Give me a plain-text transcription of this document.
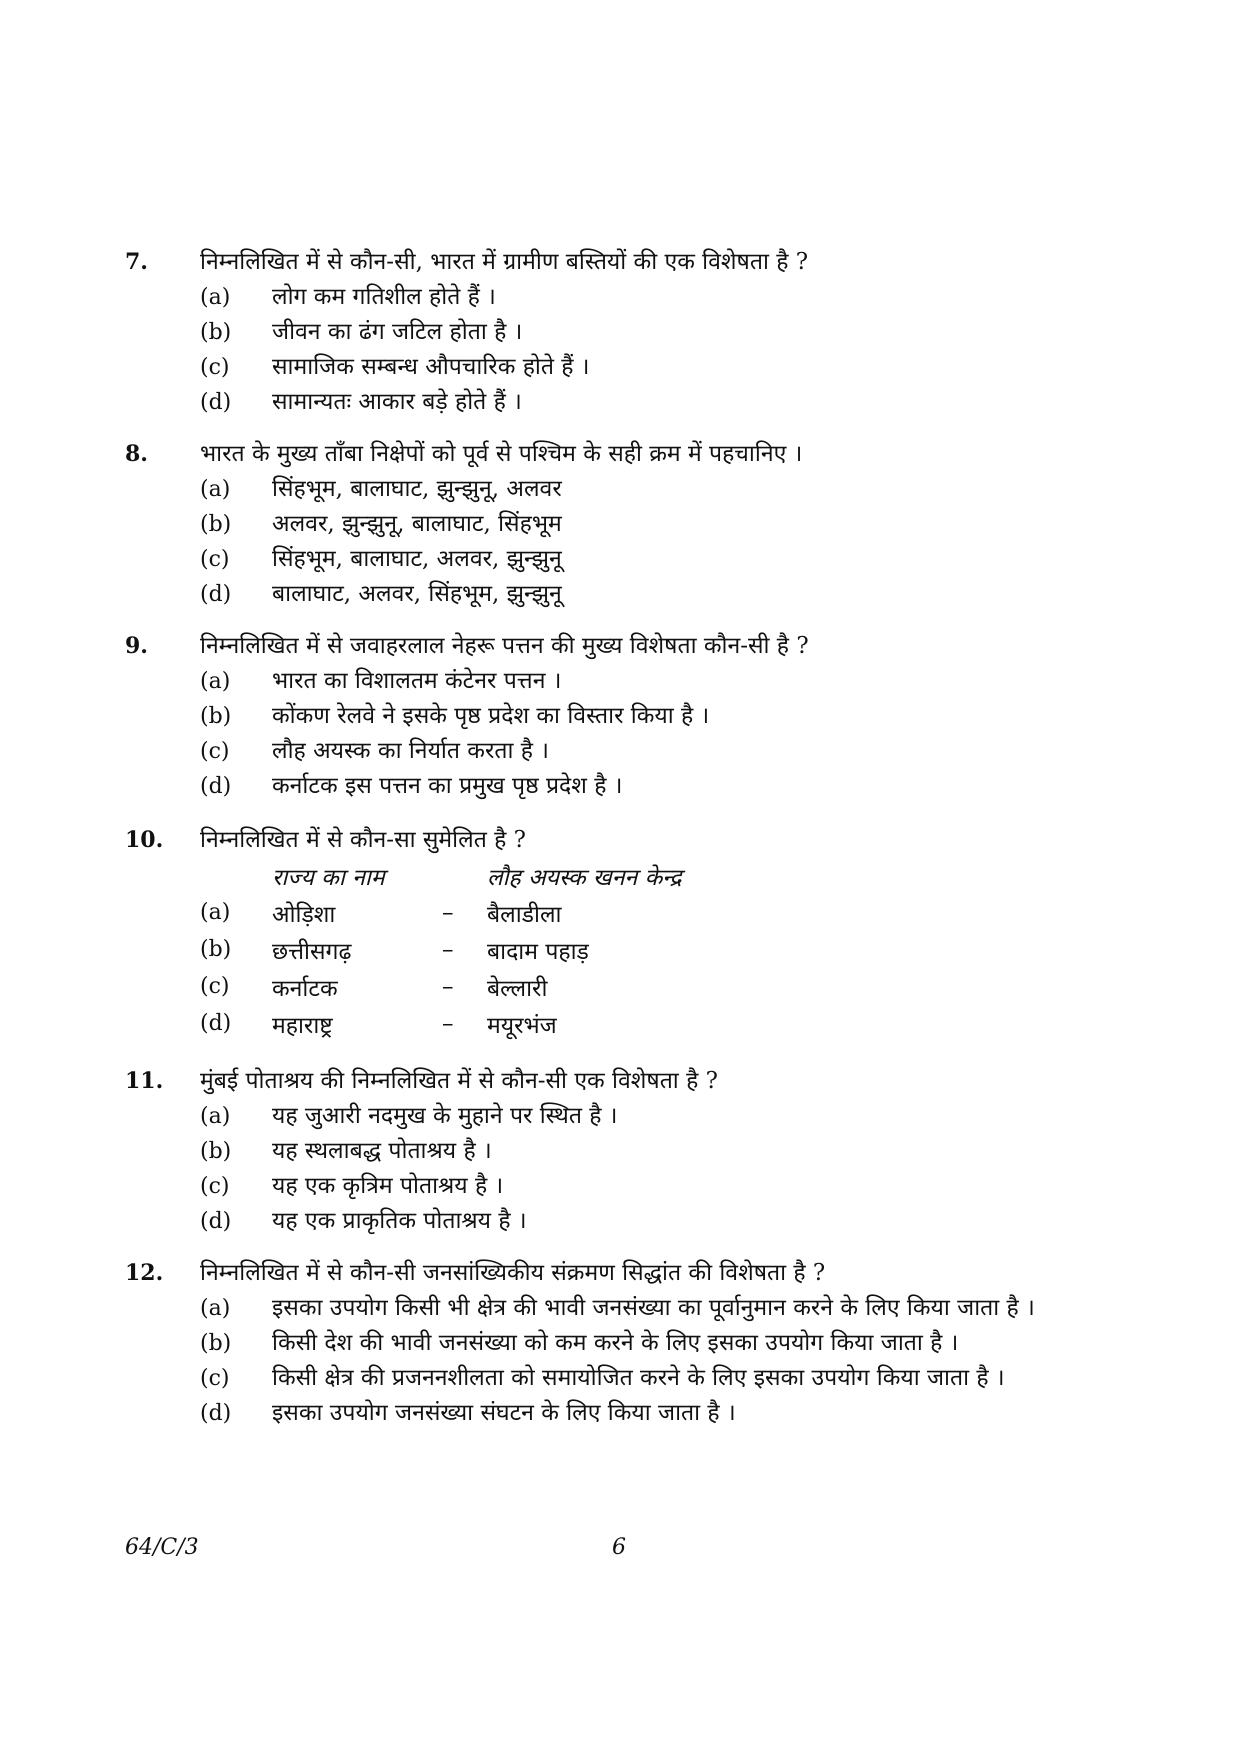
7.	निम्नलिखित में से कौन-सी, भारत में ग्रामीण बस्तियों की एक विशेषता है ?
(a)	लोग कम गतिशील होते हैं ।
(b)	जीवन का ढंग जटिल होता है ।
(c)	सामाजिक सम्बन्ध औपचारिक होते हैं ।
(d)	सामान्यतः आकार बड़े होते हैं ।
8.	भारत के मुख्य ताँबा निक्षेपों को पूर्व से पश्चिम के सही क्रम में पहचानिए ।
(a)	सिंहभूम, बालाघाट, झुन्झुनू, अलवर
(b)	अलवर, झुन्झुनू, बालाघाट, सिंहभूम
(c)	सिंहभूम, बालाघाट, अलवर, झुन्झुनू
(d)	बालाघाट, अलवर, सिंहभूम, झुन्झुनू
9.	निम्नलिखित में से जवाहरलाल नेहरू पत्तन की मुख्य विशेषता कौन-सी है ?
(a)	भारत का विशालतम कंटेनर पत्तन ।
(b)	कोंकण रेलवे ने इसके पृष्ठ प्रदेश का विस्तार किया है ।
(c)	लौह अयस्क का निर्यात करता है ।
(d)	कर्नाटक इस पत्तन का प्रमुख पृष्ठ प्रदेश है ।
10.	निम्नलिखित में से कौन-सा सुमेलित है ?
राज्य का नाम	लौह अयस्क खनन केन्द्र
(a)	ओड़िशा	–	बैलाडीला
(b)	छत्तीसगढ़	–	बादाम पहाड़
(c)	कर्नाटक	–	बेल्लारी
(d)	महाराष्ट्र	–	मयूरभंज
11.	मुंबई पोताश्रय की निम्नलिखित में से कौन-सी एक विशेषता है ?
(a)	यह जुआरी नदमुख के मुहाने पर स्थित है ।
(b)	यह स्थलाबद्ध पोताश्रय है ।
(c)	यह एक कृत्रिम पोताश्रय है ।
(d)	यह एक प्राकृतिक पोताश्रय है ।
12.	निम्नलिखित में से कौन-सी जनसांख्यिकीय संक्रमण सिद्धांत की विशेषता है ?
(a)	इसका उपयोग किसी भी क्षेत्र की भावी जनसंख्या का पूर्वानुमान करने के लिए किया जाता है ।
(b)	किसी देश की भावी जनसंख्या को कम करने के लिए इसका उपयोग किया जाता है ।
(c)	किसी क्षेत्र की प्रजननशीलता को समायोजित करने के लिए इसका उपयोग किया जाता है ।
(d)	इसका उपयोग जनसंख्या संघटन के लिए किया जाता है ।
64/C/3	6
